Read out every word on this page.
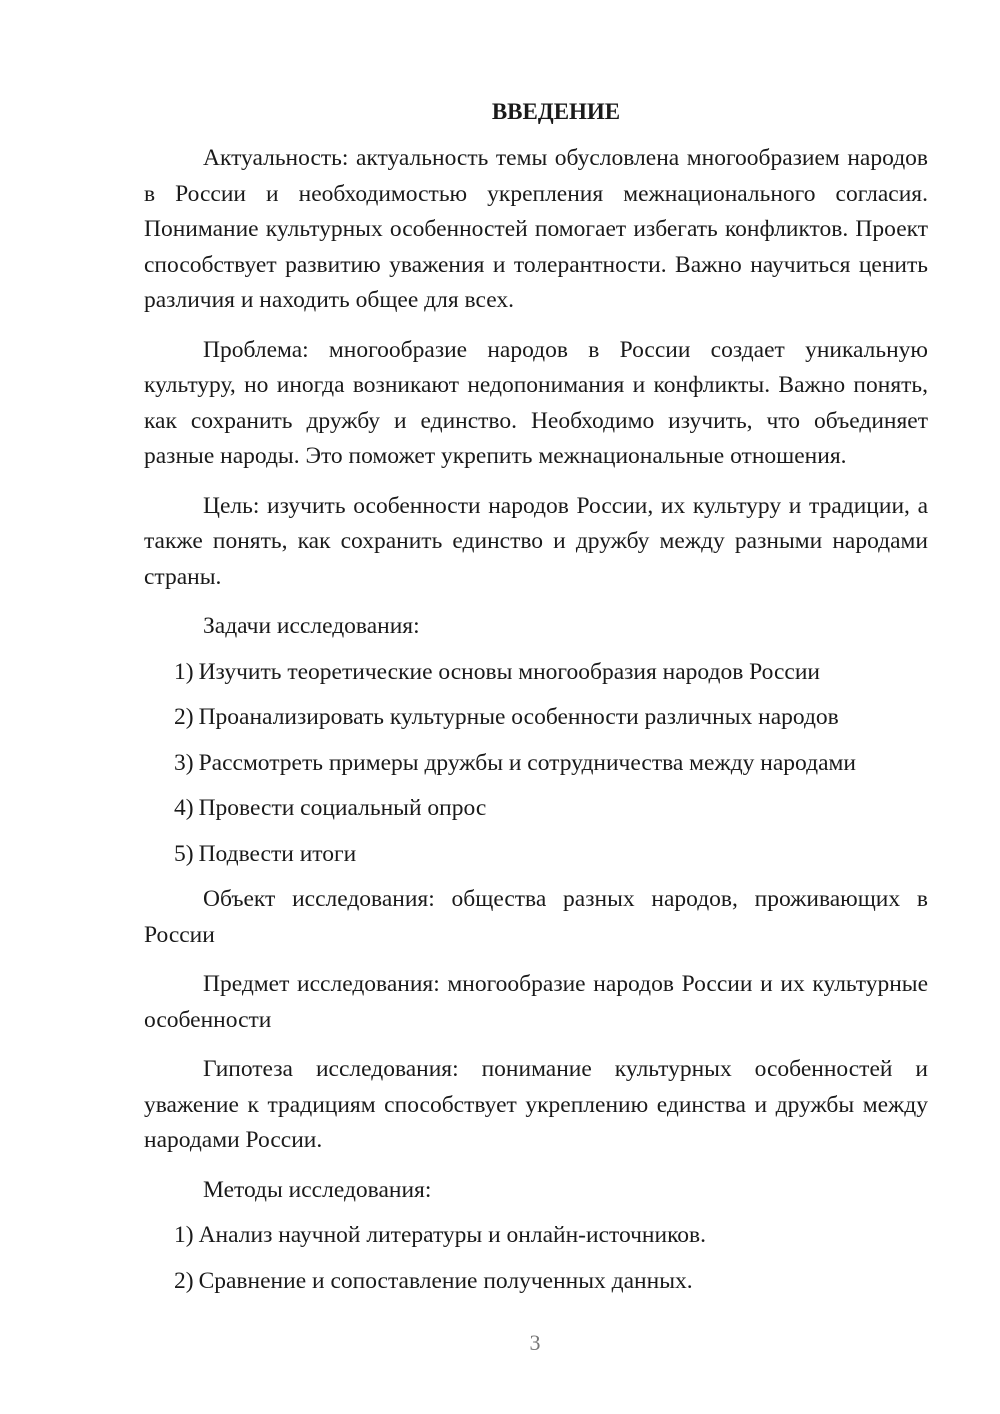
ВВЕДЕНИЕ

Актуальность: актуальность темы обусловлена многообразием народов в России и необходимостью укрепления межнационального согласия. Понимание культурных особенностей помогает избегать конфликтов. Проект способствует развитию уважения и толерантности. Важно научиться ценить различия и находить общее для всех.

Проблема: многообразие народов в России создает уникальную культуру, но иногда возникают недопонимания и конфликты. Важно понять, как сохранить дружбу и единство. Необходимо изучить, что объединяет разные народы. Это поможет укрепить межнациональные отношения.

Цель: изучить особенности народов России, их культуру и традиции, а также понять, как сохранить единство и дружбу между разными народами страны.

Задачи исследования:

1) Изучить теоретические основы многообразия народов России
2) Проанализировать культурные особенности различных народов
3) Рассмотреть примеры дружбы и сотрудничества между народами
4) Провести социальный опрос
5) Подвести итоги

Объект исследования: общества разных народов, проживающих в России

Предмет исследования: многообразие народов России и их культурные особенности

Гипотеза исследования: понимание культурных особенностей и уважение к традициям способствует укреплению единства и дружбы между народами России.

Методы исследования:

1) Анализ научной литературы и онлайн-источников.
2) Сравнение и сопоставление полученных данных.
3
